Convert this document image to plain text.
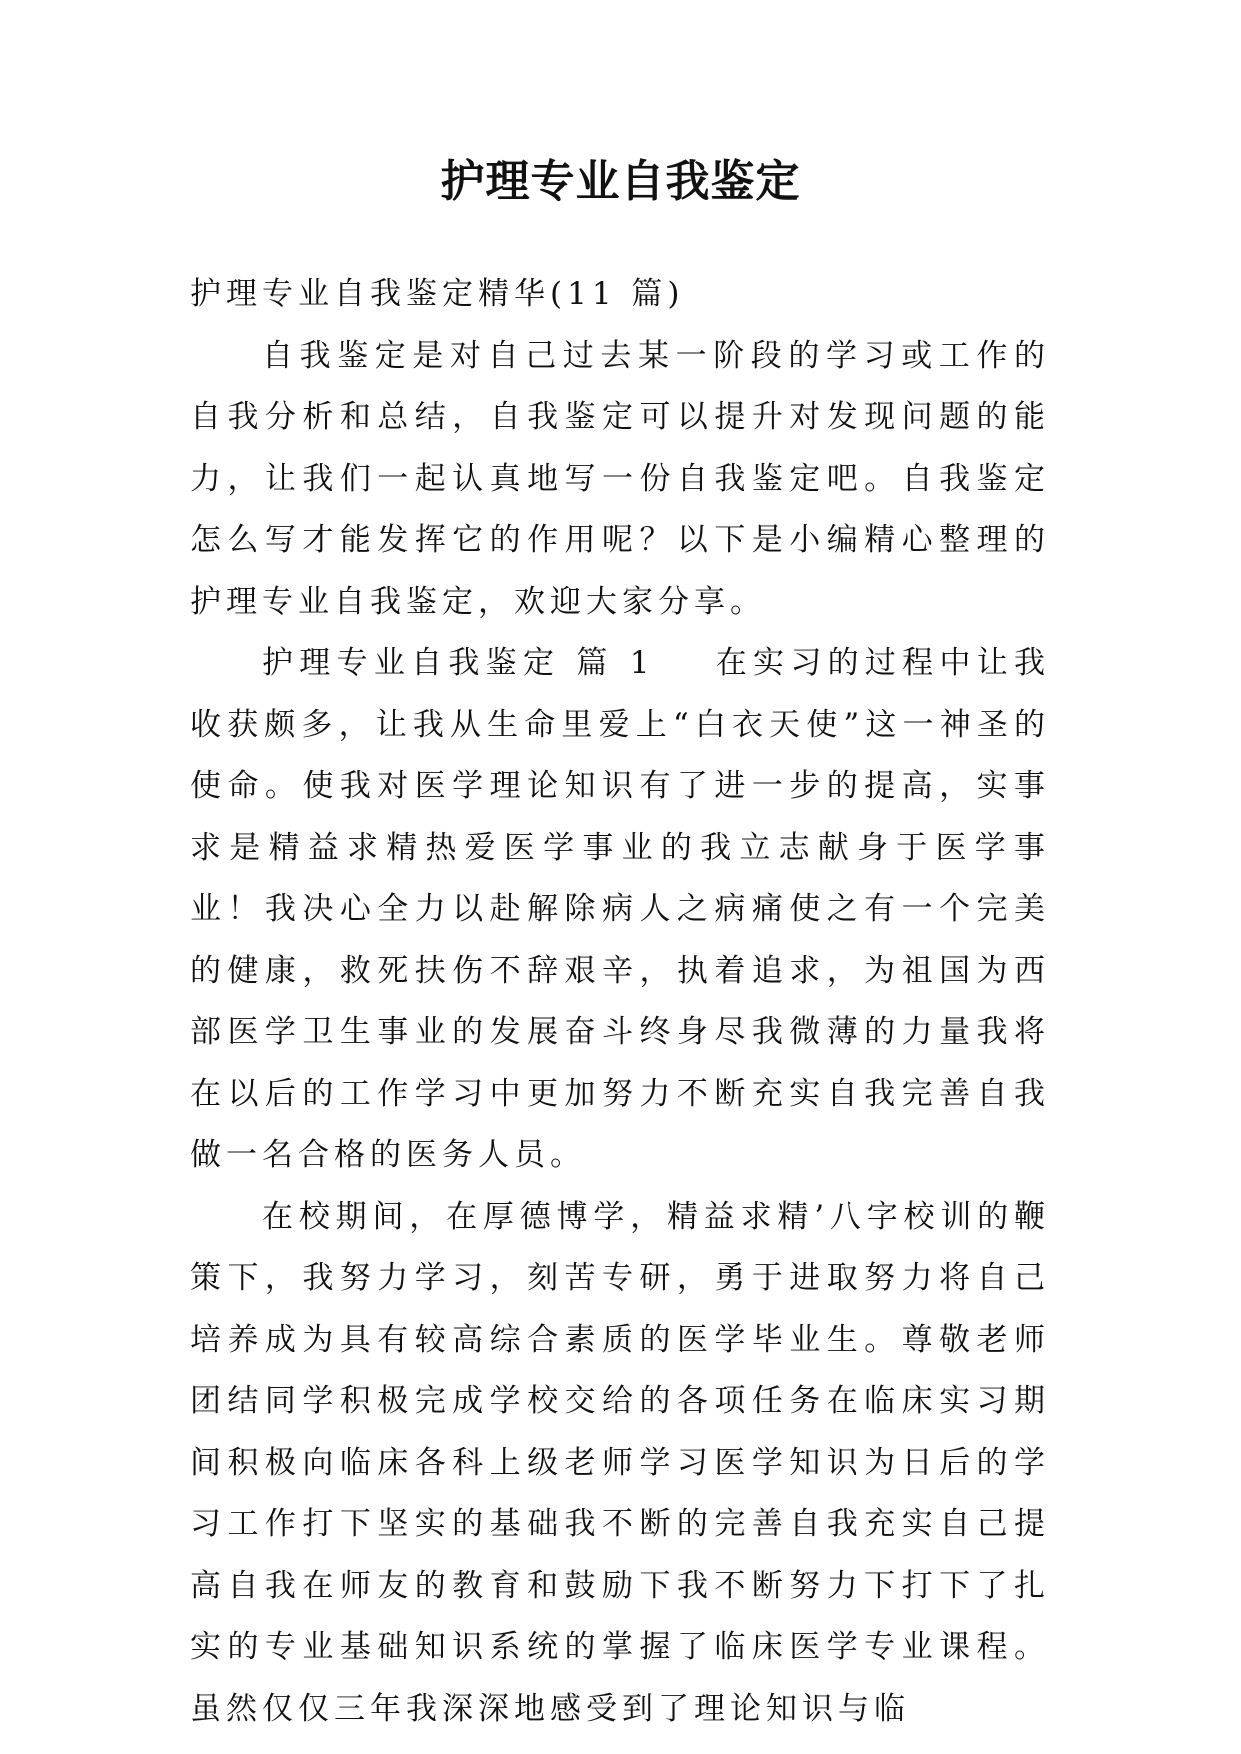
护理专业自我鉴定

护理专业自我鉴定精华(11 篇)

自我鉴定是对自己过去某一阶段的学习或工作的自我分析和总结，自我鉴定可以提升对发现问题的能力，让我们一起认真地写一份自我鉴定吧。自我鉴定怎么写才能发挥它的作用呢？以下是小编精心整理的护理专业自我鉴定，欢迎大家分享。

护理专业自我鉴定 篇 1 在实习的过程中让我收获颇多，让我从生命里爱上“白衣天使”这一神圣的使命。使我对医学理论知识有了进一步的提高，实事求是精益求精热爱医学事业的我立志献身于医学事业！我决心全力以赴解除病人之病痛使之有一个完美的健康，救死扶伤不辞艰辛，执着追求，为祖国为西部医学卫生事业的发展奋斗终身尽我微薄的力量我将在以后的工作学习中更加努力不断充实自我完善自我做一名合格的医务人员。

在校期间，在厚德博学，精益求精’八字校训的鞭策下，我努力学习，刻苦专研，勇于进取努力将自己培养成为具有较高综合素质的医学毕业生。尊敬老师团结同学积极完成学校交给的各项任务在临床实习期间积极向临床各科上级老师学习医学知识为日后的学习工作打下坚实的基础我不断的完善自我充实自己提高自我在师友的教育和鼓励下我不断努力下打下了扎实的专业基础知识系统的掌握了临床医学专业课程。虽然仅仅三年我深深地感受到了理论知识与临
